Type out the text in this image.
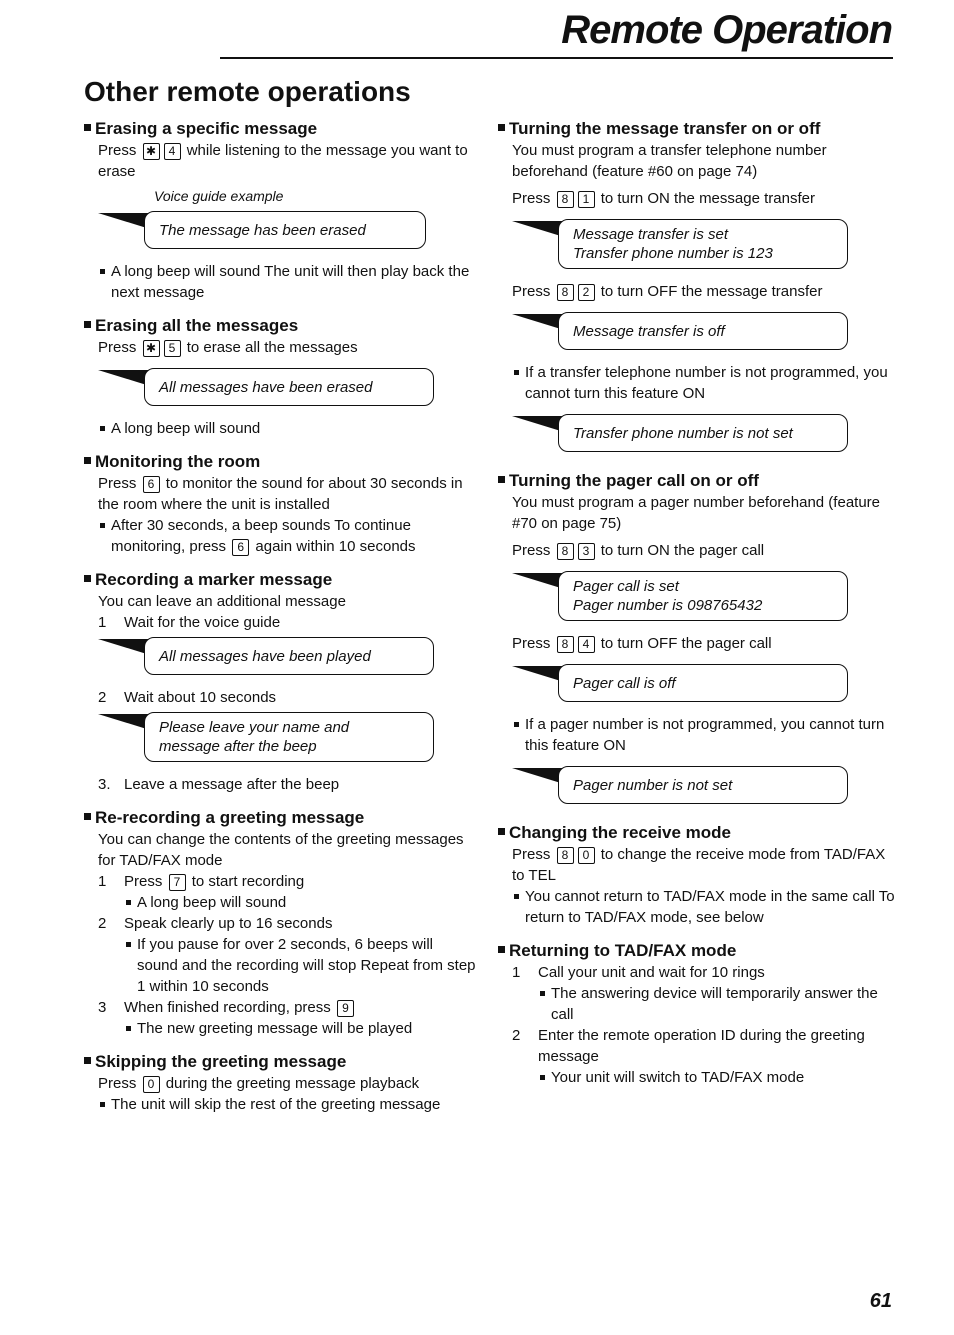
Remote Operation
Other remote operations

Erasing a specific message

Press ✱ 4 while listening to the message you want to erase

Voice guide example
The message has been erased
A long beep will sound The unit will then play back the next message

Erasing all the messages

Press ✱ 5 to erase all the messages

All messages have been erased
A long beep will sound

Monitoring the room

Press 6 to monitor the sound for about 30 seconds in the room where the unit is installed

After 30 seconds, a beep sounds To continue monitoring, press 6 again within 10 seconds

Recording a marker message

You can leave an additional message

1	Wait for the voice guide
All messages have been played
2	Wait about 10 seconds
Please leave your name and
message after the beep
3. Leave a message after the beep

Re-recording a greeting message

You can change the contents of the greeting messages for TAD/FAX mode

1	Press 7 to start recording
A long beep will sound
2	Speak clearly up to 16 seconds
If you pause for over 2 seconds, 6 beeps will sound and the recording will stop Repeat from step 1 within 10 seconds
3	When finished recording, press 9
The new greeting message will be played

Skipping the greeting message

Press 0 during the greeting message playback

The unit will skip the rest of the greeting message

Turning the message transfer on or off

You must program a transfer telephone number beforehand (feature #60 on page 74)

Press 8 1 to turn ON the message transfer

Message transfer is set
Transfer phone number is 123

Press 8 2 to turn OFF the message transfer

Message transfer is off
If a transfer telephone number is not programmed, you cannot turn this feature ON
Transfer phone number is not set

Turning the pager call on or off

You must program a pager number beforehand (feature #70 on page 75)

Press 8 3 to turn ON the pager call

Pager call is set
Pager number is 098765432

Press 8 4 to turn OFF the pager call

Pager call is off
If a pager number is not programmed, you cannot turn this feature ON
Pager number is not set

Changing the receive mode

Press 8 0 to change the receive mode from TAD/FAX to TEL

You cannot return to TAD/FAX mode in the same call To return to TAD/FAX mode, see below

Returning to TAD/FAX mode

1	Call your unit and wait for 10 rings
The answering device will temporarily answer the call
2	Enter the remote operation ID during the greeting message
Your unit will switch to TAD/FAX mode
61
